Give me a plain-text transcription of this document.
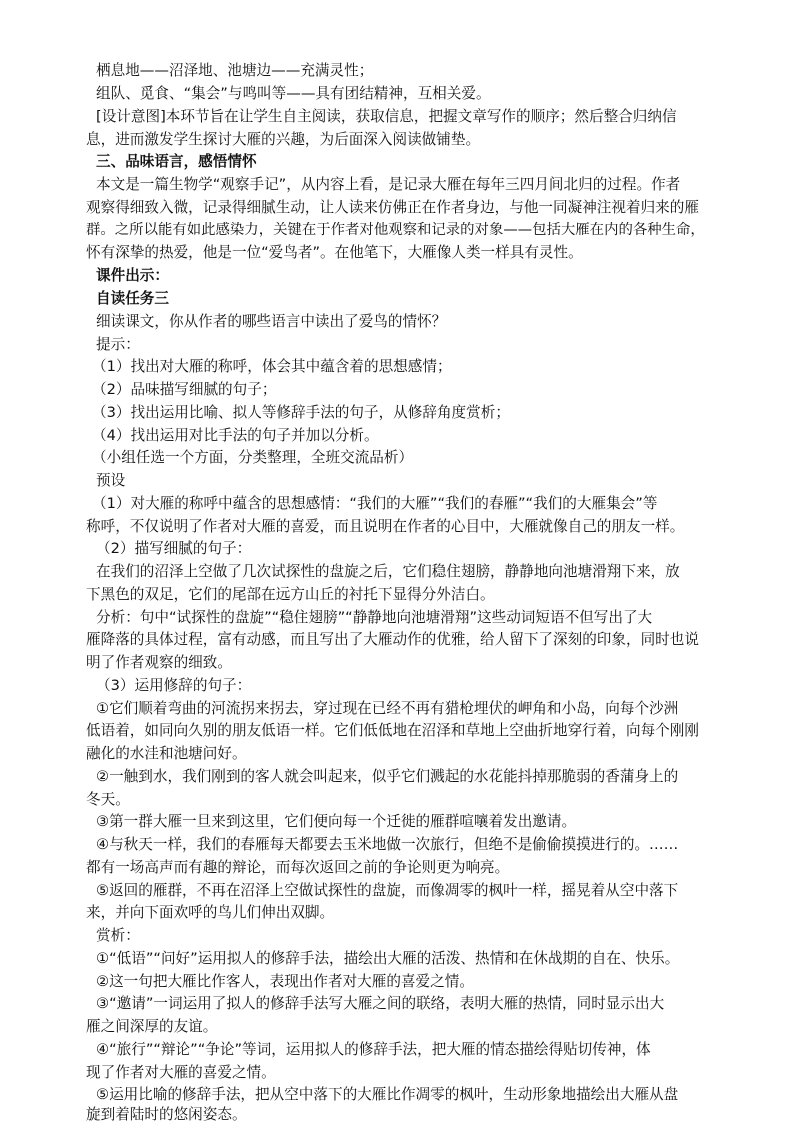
栖息地——沼泽地、池塘边——充满灵性；
组队、觅食、“集会”与鸣叫等——具有团结精神，互相关爱。
[设计意图]本环节旨在让学生自主阅读，获取信息，把握文章写作的顺序；然后整合归纳信
息，进而激发学生探讨大雁的兴趣，为后面深入阅读做铺垫。
三、品味语言，感悟情怀
本文是一篇生物学“观察手记”，从内容上看，是记录大雁在每年三四月间北归的过程。作者
观察得细致入微，记录得细腻生动，让人读来仿佛正在作者身边，与他一同凝神注视着归来的雁
群。之所以能有如此感染力，关键在于作者对他观察和记录的对象——包括大雁在内的各种生命，
怀有深挚的热爱，他是一位“爱鸟者”。在他笔下，大雁像人类一样具有灵性。
课件出示：
自读任务三
细读课文，你从作者的哪些语言中读出了爱鸟的情怀？
提示：
（1）找出对大雁的称呼，体会其中蕴含着的思想感情；
（2）品味描写细腻的句子；
（3）找出运用比喻、拟人等修辞手法的句子，从修辞角度赏析；
（4）找出运用对比手法的句子并加以分析。
（小组任选一个方面，分类整理，全班交流品析）
预设
（1）对大雁的称呼中蕴含的思想感情：“我们的大雁”“我们的春雁”“我们的大雁集会”等
称呼，不仅说明了作者对大雁的喜爱，而且说明在作者的心目中，大雁就像自己的朋友一样。
（2）描写细腻的句子：
在我们的沼泽上空做了几次试探性的盘旋之后，它们稳住翅膀，静静地向池塘滑翔下来，放
下黑色的双足，它们的尾部在远方山丘的衬托下显得分外洁白。
分析：句中“试探性的盘旋”“稳住翅膀”“静静地向池塘滑翔”这些动词短语不但写出了大
雁降落的具体过程，富有动感，而且写出了大雁动作的优雅，给人留下了深刻的印象，同时也说
明了作者观察的细致。
（3）运用修辞的句子：
①它们顺着弯曲的河流拐来拐去，穿过现在已经不再有猎枪埋伏的岬角和小岛，向每个沙洲
低语着，如同向久别的朋友低语一样。它们低低地在沼泽和草地上空曲折地穿行着，向每个刚刚
融化的水洼和池塘问好。
②一触到水，我们刚到的客人就会叫起来，似乎它们溅起的水花能抖掉那脆弱的香蒲身上的
冬天。
③第一群大雁一旦来到这里，它们便向每一个迁徙的雁群喧嚷着发出邀请。
④与秋天一样，我们的春雁每天都要去玉米地做一次旅行，但绝不是偷偷摸摸进行的。……
都有一场高声而有趣的辩论，而每次返回之前的争论则更为响亮。
⑤返回的雁群，不再在沼泽上空做试探性的盘旋，而像凋零的枫叶一样，摇晃着从空中落下
来，并向下面欢呼的鸟儿们伸出双脚。
赏析：
①“低语”“问好”运用拟人的修辞手法，描绘出大雁的活泼、热情和在休战期的自在、快乐。
②这一句把大雁比作客人，表现出作者对大雁的喜爱之情。
③“邀请”一词运用了拟人的修辞手法写大雁之间的联络，表明大雁的热情，同时显示出大
雁之间深厚的友谊。
④“旅行”“辩论”“争论”等词，运用拟人的修辞手法，把大雁的情态描绘得贴切传神，体
现了作者对大雁的喜爱之情。
⑤运用比喻的修辞手法，把从空中落下的大雁比作凋零的枫叶，生动形象地描绘出大雁从盘
旋到着陆时的悠闲姿态。
